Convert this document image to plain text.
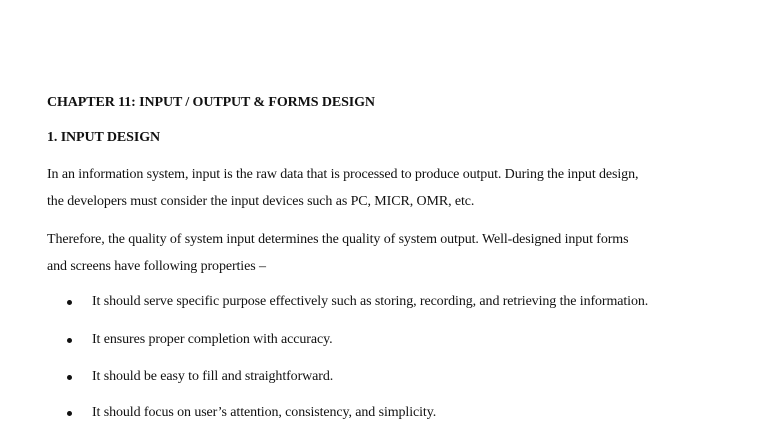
CHAPTER 11: INPUT / OUTPUT & FORMS DESIGN
1. INPUT DESIGN

In an information system, input is the raw data that is processed to produce output. During the input design,

the developers must consider the input devices such as PC, MICR, OMR, etc.

Therefore, the quality of system input determines the quality of system output. Well-designed input forms

and screens have following properties –

It should serve specific purpose effectively such as storing, recording, and retrieving the information.
It ensures proper completion with accuracy.
It should be easy to fill and straightforward.
It should focus on user’s attention, consistency, and simplicity.
